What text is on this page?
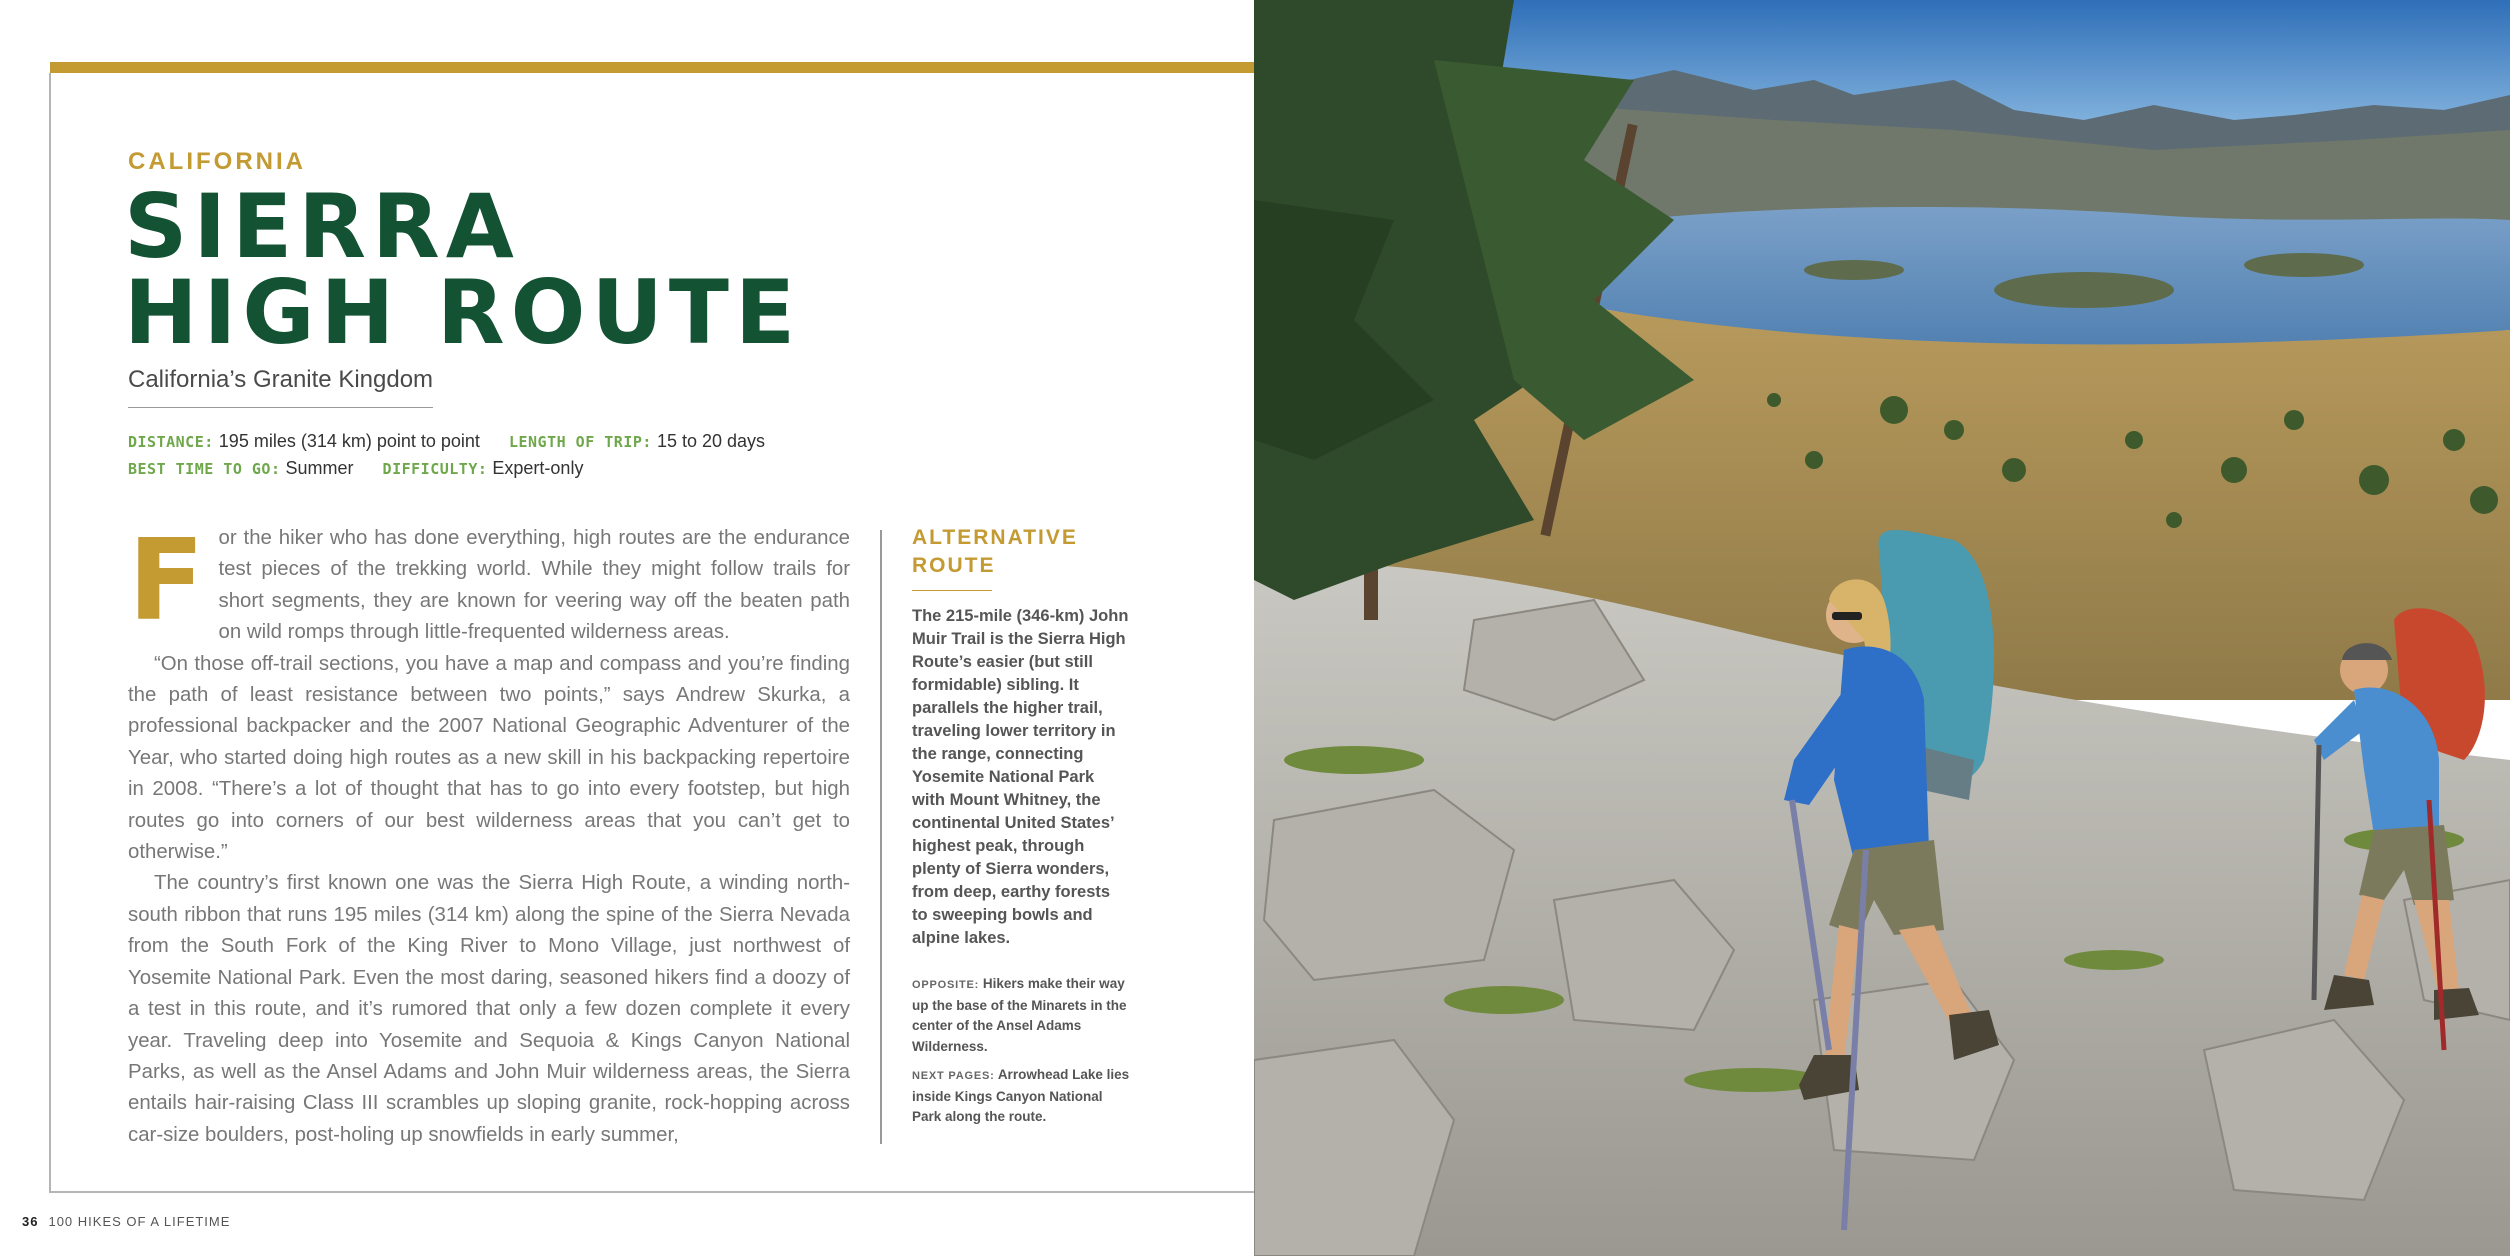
CALIFORNIA
SIERRA
HIGH ROUTE

California’s Granite Kingdom

DISTANCE: 195 miles (314 km) point to point LENGTH OF TRIP: 15 to 20 days
BEST TIME TO GO: Summer DIFFICULTY: Expert-only

For the hiker who has done everything, high routes are the endurance test pieces of the trekking world. While they might follow trails for short segments, they are known for veering way off the beaten path on wild romps through little-frequented wilderness areas.

“On those off-trail sections, you have a map and compass and you’re finding the path of least resistance between two points,” says Andrew Skurka, a professional backpacker and the 2007 National Geographic Adventurer of the Year, who started doing high routes as a new skill in his backpacking repertoire in 2008. “There’s a lot of thought that has to go into every footstep, but high routes go into corners of our best wilderness areas that you can’t get to otherwise.”

The country’s first known one was the Sierra High Route, a winding north-south ribbon that runs 195 miles (314 km) along the spine of the Sierra Nevada from the South Fork of the King River to Mono Village, just northwest of Yosemite National Park. Even the most daring, seasoned hikers find a doozy of a test in this route, and it’s rumored that only a few dozen complete it every year. Traveling deep into Yosemite and Sequoia & Kings Canyon National Parks, as well as the Ansel Adams and John Muir wilderness areas, the Sierra entails hair-raising Class III scrambles up sloping granite, rock-hopping across car-size boulders, post-holing up snowfields in early summer,

ALTERNATIVE
ROUTE

The 215-mile (346-km) John Muir Trail is the Sierra High Route’s easier (but still formidable) sibling. It parallels the higher trail, traveling lower territory in the range, connecting Yosemite National Park with Mount Whitney, the continental United States’ highest peak, through plenty of Sierra wonders, from deep, earthy forests to sweeping bowls and alpine lakes.

OPPOSITE: Hikers make their way up the base of the Minarets in the center of the Ansel Adams Wilderness.

NEXT PAGES: Arrowhead Lake lies inside Kings Canyon National Park along the route.

36 100 HIKES OF A LIFETIME
